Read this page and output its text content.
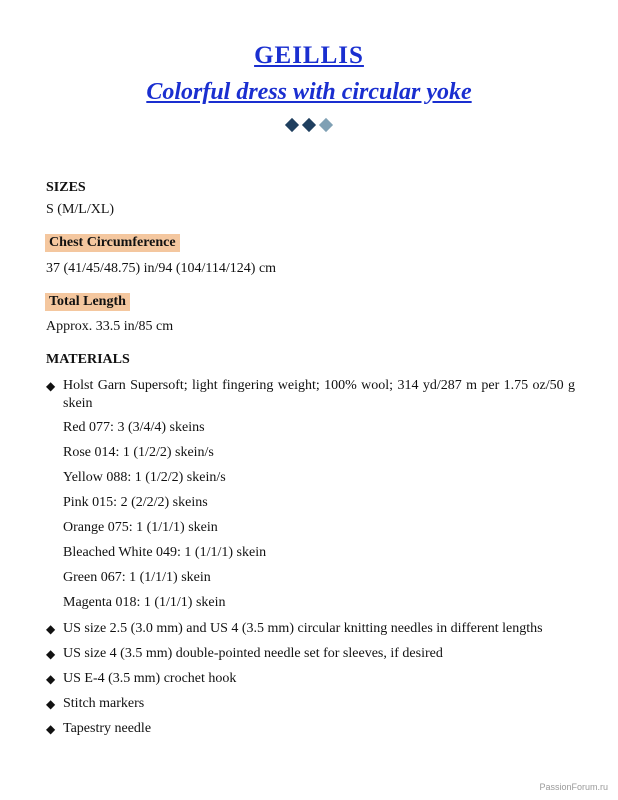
GEILLIS
Colorful dress with circular yoke
SIZES
S (M/L/XL)
Chest Circumference
37 (41/45/48.75) in/94 (104/114/124) cm
Total Length
Approx. 33.5 in/85 cm
MATERIALS
◆ Holst Garn Supersoft; light fingering weight; 100% wool; 314 yd/287 m per 1.75 oz/50 g skein
Red 077: 3 (3/4/4) skeins
Rose 014: 1 (1/2/2) skein/s
Yellow 088: 1 (1/2/2) skein/s
Pink 015: 2 (2/2/2) skeins
Orange 075: 1 (1/1/1) skein
Bleached White 049: 1 (1/1/1) skein
Green 067: 1 (1/1/1) skein
Magenta 018: 1 (1/1/1) skein
◆ US size 2.5 (3.0 mm) and US 4 (3.5 mm) circular knitting needles in different lengths
◆ US size 4 (3.5 mm) double-pointed needle set for sleeves, if desired
◆ US E-4 (3.5 mm) crochet hook
◆ Stitch markers
◆ Tapestry needle
PassionForum.ru
